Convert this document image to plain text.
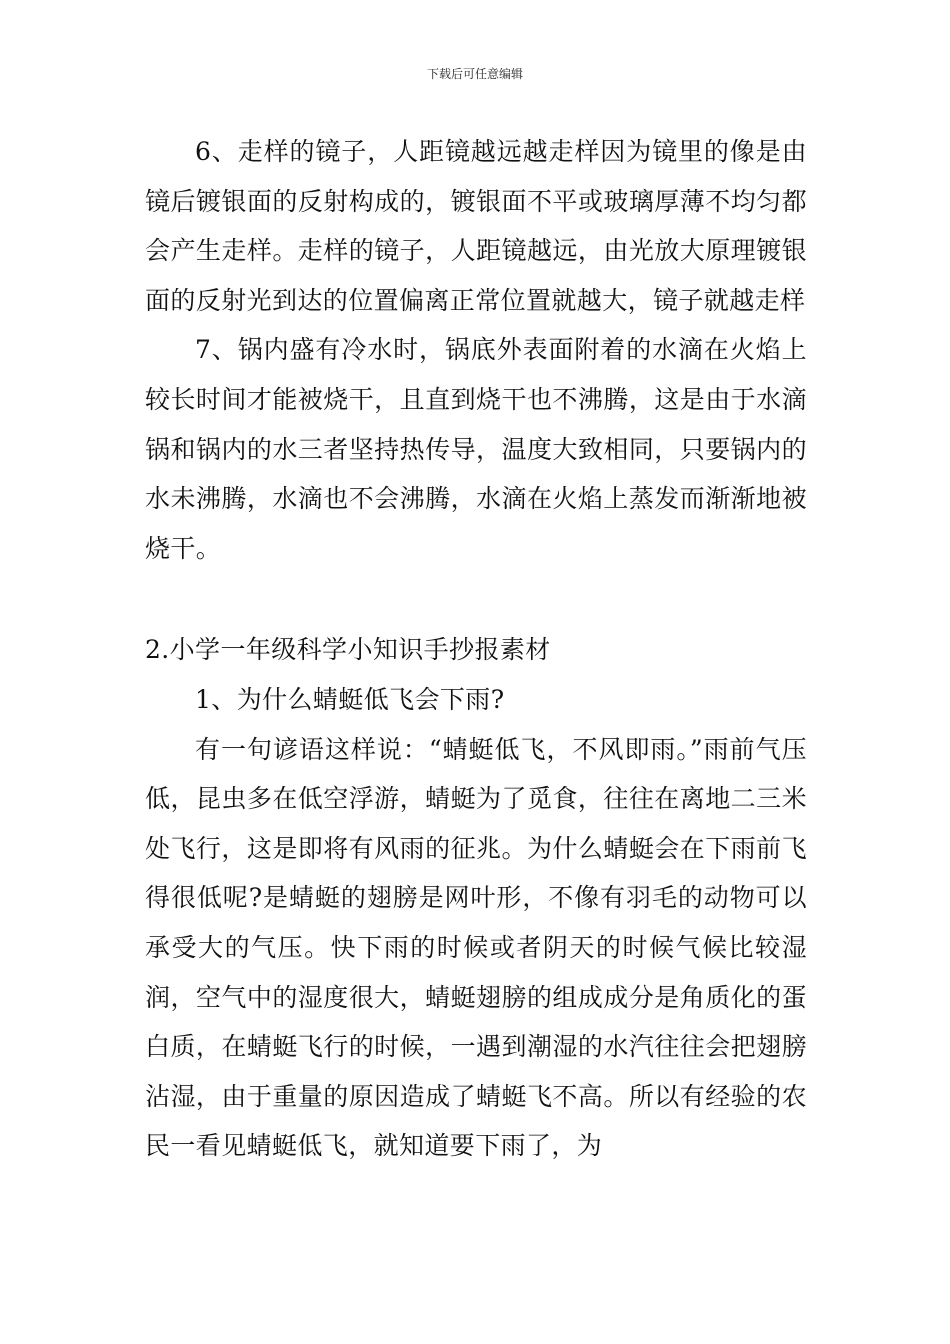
下载后可任意编辑

6、走样的镜子，人距镜越远越走样因为镜里的像是由镜后镀银面的反射构成的，镀银面不平或玻璃厚薄不均匀都会产生走样。走样的镜子，人距镜越远，由光放大原理镀银面的反射光到达的位置偏离正常位置就越大，镜子就越走样

7、锅内盛有冷水时，锅底外表面附着的水滴在火焰上较长时间才能被烧干，且直到烧干也不沸腾，这是由于水滴锅和锅内的水三者坚持热传导，温度大致相同，只要锅内的水未沸腾，水滴也不会沸腾，水滴在火焰上蒸发而渐渐地被烧干。

2.小学一年级科学小知识手抄报素材

1、为什么蜻蜓低飞会下雨?

有一句谚语这样说：“蜻蜓低飞，不风即雨。”雨前气压低，昆虫多在低空浮游，蜻蜓为了觅食，往往在离地二三米处飞行，这是即将有风雨的征兆。为什么蜻蜓会在下雨前飞得很低呢?是蜻蜓的翅膀是网叶形，不像有羽毛的动物可以承受大的气压。快下雨的时候或者阴天的时候气候比较湿润，空气中的湿度很大，蜻蜓翅膀的组成成分是角质化的蛋白质，在蜻蜓飞行的时候，一遇到潮湿的水汽往往会把翅膀沾湿，由于重量的原因造成了蜻蜓飞不高。所以有经验的农民一看见蜻蜓低飞，就知道要下雨了，为
